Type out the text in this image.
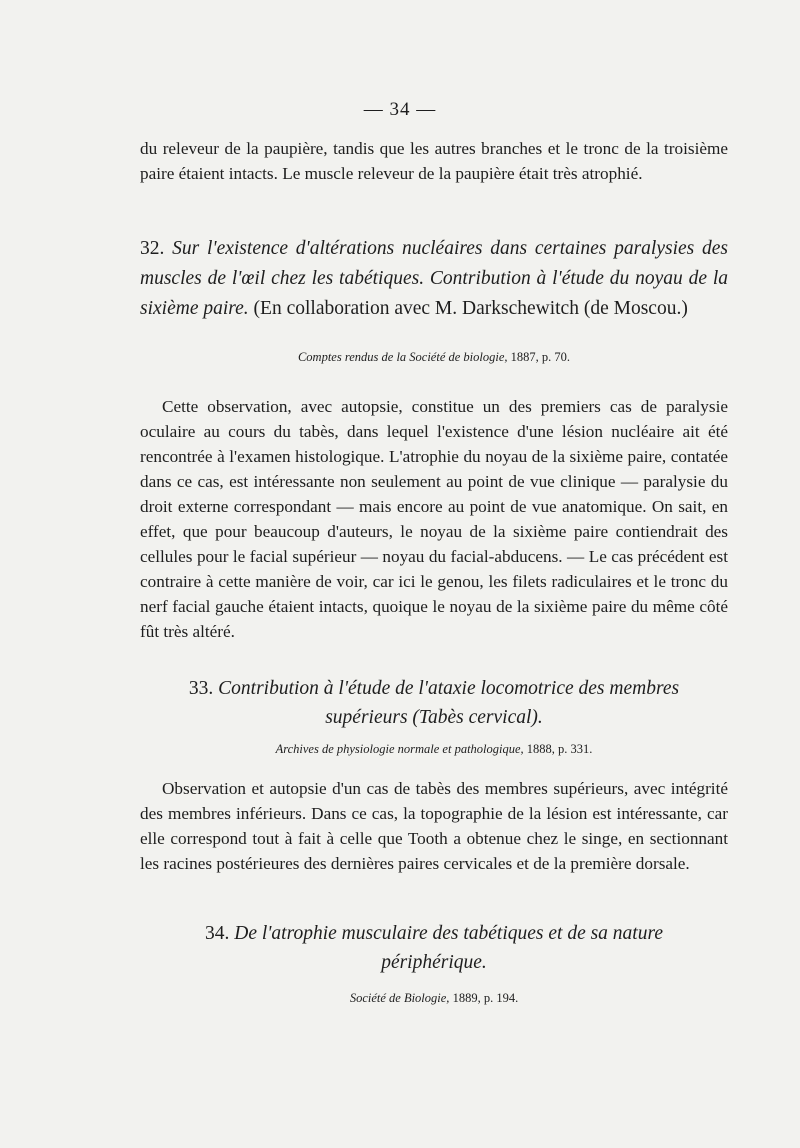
— 34 —

du releveur de la paupière, tandis que les autres branches et le tronc de la troisième paire étaient intacts. Le muscle releveur de la paupière était très atrophié.

32. Sur l'existence d'altérations nucléaires dans certaines paralysies des muscles de l'œil chez les tabétiques. Contribution à l'étude du noyau de la sixième paire. (En collaboration avec M. Darkschewitch (de Moscou.)

Comptes rendus de la Société de biologie, 1887, p. 70.

Cette observation, avec autopsie, constitue un des premiers cas de paralysie oculaire au cours du tabès, dans lequel l'existence d'une lésion nucléaire ait été rencontrée à l'examen histologique. L'atrophie du noyau de la sixième paire, contatée dans ce cas, est intéressante non seulement au point de vue clinique — paralysie du droit externe correspondant — mais encore au point de vue anatomique. On sait, en effet, que pour beaucoup d'auteurs, le noyau de la sixième paire contiendrait des cellules pour le facial supérieur — noyau du facial-abducens. — Le cas précédent est contraire à cette manière de voir, car ici le genou, les filets radiculaires et le tronc du nerf facial gauche étaient intacts, quoique le noyau de la sixième paire du même côté fût très altéré.

33. Contribution à l'étude de l'ataxie locomotrice des membres
supérieurs (Tabès cervical).

Archives de physiologie normale et pathologique, 1888, p. 331.

Observation et autopsie d'un cas de tabès des membres supérieurs, avec intégrité des membres inférieurs. Dans ce cas, la topographie de la lésion est intéressante, car elle correspond tout à fait à celle que Tooth a obtenue chez le singe, en sectionnant les racines postérieures des dernières paires cervicales et de la première dorsale.

34. De l'atrophie musculaire des tabétiques et de sa nature
périphérique.

Société de Biologie, 1889, p. 194.
